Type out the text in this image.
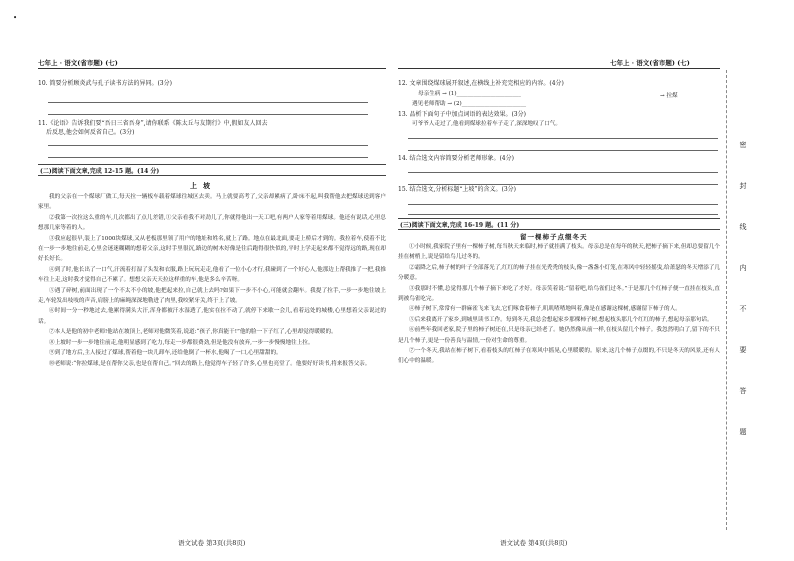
•
七年上 · 语文(省市题) (七)	七年上 · 语文(省市题) (七)
10. 简要分析顾炎武与孔子读书方法的异同。(3分)
11.《论语》告诉我们要“吾日三省吾身”,请你联系《陈太丘与友期行》中,假如友人回去
后反思,他会如何反省自己。(3分)
(二)阅读下面文章,完成 12-15 题。(14 分)
上坡
我的父亲在一个煤球厂做工,每天拉一辆板车载着煤球往城区去卖。马上就要高考了,父亲却累病了,卧床不起,叫我帮他去把煤球送到客户家里。
②我第一次拉这么重的车,几次都出了点儿差错,①父亲看我不对劲儿了,你就得他出一天工吧,有两户人家等着用煤球。他还有说话,心里总想那几家等着的人。
③我应起很早,装上了1000块煤球,又从老板那里领了用户的地址和姓名,就上了路。地点在最北面,要走上桥后才到的。我拉着车,使着不比在一步一步地往前走,心里会迷迷糊糊的想着父亲,这时手里很沉,路边的树木好像是往后跑得很快似的,平时上学走起来都不觉得远的路,现在却好长好长。
④到了时,他长出了一口气,汗流着打湿了头发和衣服,路上玩玩走走,他看了一位小心才行,我碰到了一个好心人,他那边上帮我推了一把,我推车往上走,这时我才觉得自己不累了。想想父亲天天拉这样重的车,他是多么辛苦呀。
⑤遇了碎树,前面出现了一个不太不小的坡,他把起来拉,自己就上去吗?如果下一步不小心,可能就会翻车。我提了拉手,一步一步地往坡上走,车轮发出吱吱的声音,肩膀上的麻绳深深地勒进了肉里,我咬紧牙关,终于上了坡。
⑥时间一分一秒地过去,他累得满头大汗,浑身都被汗水湿透了,他实在拉不动了,就停下来歇一会儿,看着远处的城楼,心里想着父亲说过的话。
⑦本人是他的初中老师!他站在坡顶上,老师对他微笑着,说道:“孩子,你真能干!”他的脸一下子红了,心里却觉得暖暖的。
⑧上坡时一步一步地往前走,他明显感到了吃力,每走一步都很费劲,但是他没有放弃,一步一步慢慢地往上拉。
⑨到了地方后,主人接过了煤球,帮着他一块儿卸车,还给他倒了一杯水,他喝了一口,心里甜甜的。
⑩老师说:“你拉煤球,是在帮你父亲,也是在帮自己。”回去的路上,他觉得车子轻了许多,心里也亮堂了。他要好好读书,将来报答父亲。
语文试卷 第3页(共8页)
12. 文章围绕煤球展开叙述,在横线上补充完相应的内容。(4分)
母亲生病 → (1)_______________________	→ 拉煤
遇见老师帮助 → (2)_______________________
13. 品析下面句子中加点词语的表达效果。(3分)
可爷爷人走过了,他看到煤球拉着车子走了,深深地叹了口气。
14. 结合选文内容简要分析老师形象。(4分)
15. 结合选文,分析标题“上坡”的含义。(3分)
(三)阅读下面文章,完成 16-19 题。(11 分)
留一棵柿子点缀冬天
①小时候,我家院子里有一棵柿子树,每当秋天来临时,柿子就挂满了枝头。母亲总是在每年的秋天,把柿子摘下来,但却总要留几个挂在树梢上,说是留给鸟儿过冬的。
②霜降之后,柿子树的叶子全部落光了,红红的柿子挂在光秃秃的枝头,像一盏盏小灯笼,在寒风中轻轻摇曳,给萧瑟的冬天增添了几分暖意。
③我那时不懂,总觉得那几个柿子摘下来吃了才好。母亲笑着说:“留着吧,给鸟雀们过冬。”于是那几个红柿子便一直挂在枝头,直到被鸟雀吃完。
④柿子树下,常常有一群麻雀飞来飞去,它们啄食着柿子,叽叽喳喳地叫着,像是在感谢这棵树,感谢留下柿子的人。
⑤后来我离开了家乡,到城里读书工作。每到冬天,我总会想起家乡那棵柿子树,想起枝头那几个红红的柿子,想起母亲那句话。
⑥前些年我回老家,院子里的柿子树还在,只是母亲已经老了。她仍然像从前一样,在枝头留几个柿子。我忽然明白了,留下的不只是几个柿子,更是一份善良与温情,一份对生命的尊重。
⑦一个冬天,我站在柿子树下,看着枝头的红柿子在寒风中摇晃,心里暖暖的。原来,这几个柿子点缀的,不只是冬天的风景,还有人们心中的温暖。
语文试卷 第4页(共8页)
密
封
线
内
不
要
答
题
